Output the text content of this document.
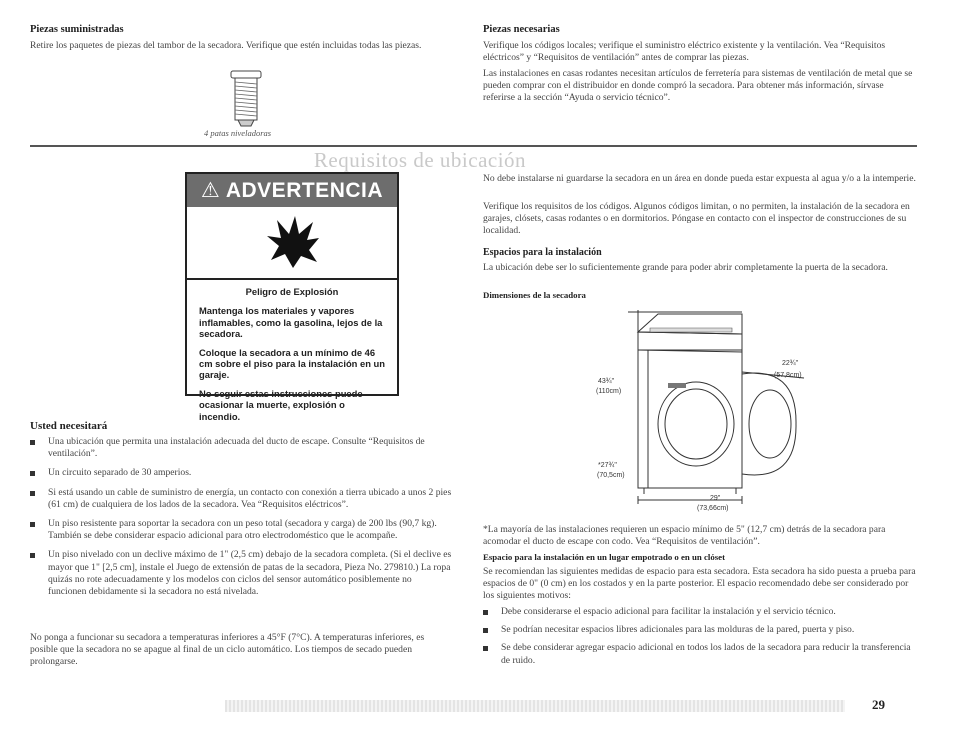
Piezas suministradas

Retire los paquetes de piezas del tambor de la secadora. Verifique que estén incluidas todas las piezas.

4 patas niveladoras
Piezas necesarias

Verifique los códigos locales; verifique el suministro eléctrico existente y la ventilación. Vea “Requisitos eléctricos” y “Requisitos de ventilación” antes de comprar las piezas.

Las instalaciones en casas rodantes necesitan artículos de ferretería para sistemas de ventilación de metal que se pueden comprar con el distribuidor en donde compró la secadora. Para obtener más información, sírvase referirse a la sección “Ayuda o servicio técnico”.

Requisitos de ubicación
⚠ ADVERTENCIA

Peligro de Explosión

Mantenga los materiales y vapores inflamables, como la gasolina, lejos de la secadora.

Coloque la secadora a un mínimo de 46 cm sobre el piso para la instalación en un garaje.

No seguir estas instrucciones puede ocasionar la muerte, explosión o incendio.

Usted necesitará
Una ubicación que permita una instalación adecuada del ducto de escape. Consulte “Requisitos de ventilación”.
Un circuito separado de 30 amperios.
Si está usando un cable de suministro de energía, un contacto con conexión a tierra ubicado a unos 2 pies (61 cm) de cualquiera de los lados de la secadora. Vea “Requisitos eléctricos”.
Un piso resistente para soportar la secadora con un peso total (secadora y carga) de 200 lbs (90,7 kg). También se debe considerar espacio adicional para otro electrodoméstico que le acompañe.
Un piso nivelado con un declive máximo de 1" (2,5 cm) debajo de la secadora completa. (Si el declive es mayor que 1" [2,5 cm], instale el Juego de extensión de patas de la secadora, Pieza No. 279810.) La ropa quizás no rote adecuadamente y los modelos con ciclos del sensor automático posiblemente no funcionen debidamente si la secadora no está nivelada.

No ponga a funcionar su secadora a temperaturas inferiores a 45°F (7°C). A temperaturas inferiores, es posible que la secadora no se apague al final de un ciclo automático. Los tiempos de secado pueden prolongarse.

No debe instalarse ni guardarse la secadora en un área en donde pueda estar expuesta al agua y/o a la intemperie.

Verifique los requisitos de los códigos. Algunos códigos limitan, o no permiten, la instalación de la secadora en garajes, clósets, casas rodantes o en dormitorios. Póngase en contacto con el inspector de construcciones de su localidad.

Espacios para la instalación

La ubicación debe ser lo suficientemente grande para poder abrir completamente la puerta de la secadora.

Dimensiones de la secadora
43¾"
(110cm)
22¾"
(57,8cm)
*27¾"
(70,5cm)
29"
(73,66cm)

*La mayoría de las instalaciones requieren un espacio mínimo de 5" (12,7 cm) detrás de la secadora para acomodar el ducto de escape con codo. Vea “Requisitos de ventilación”.

Espacio para la instalación en un lugar empotrado o en un clóset

Se recomiendan las siguientes medidas de espacio para esta secadora. Esta secadora ha sido puesta a prueba para espacios de 0" (0 cm) en los costados y en la parte posterior. El espacio recomendado debe ser considerado por los siguientes motivos:

Debe considerarse el espacio adicional para facilitar la instalación y el servicio técnico.
Se podrían necesitar espacios libres adicionales para las molduras de la pared, puerta y piso.
Se debe considerar agregar espacio adicional en todos los lados de la secadora para reducir la transferencia de ruido.
29
